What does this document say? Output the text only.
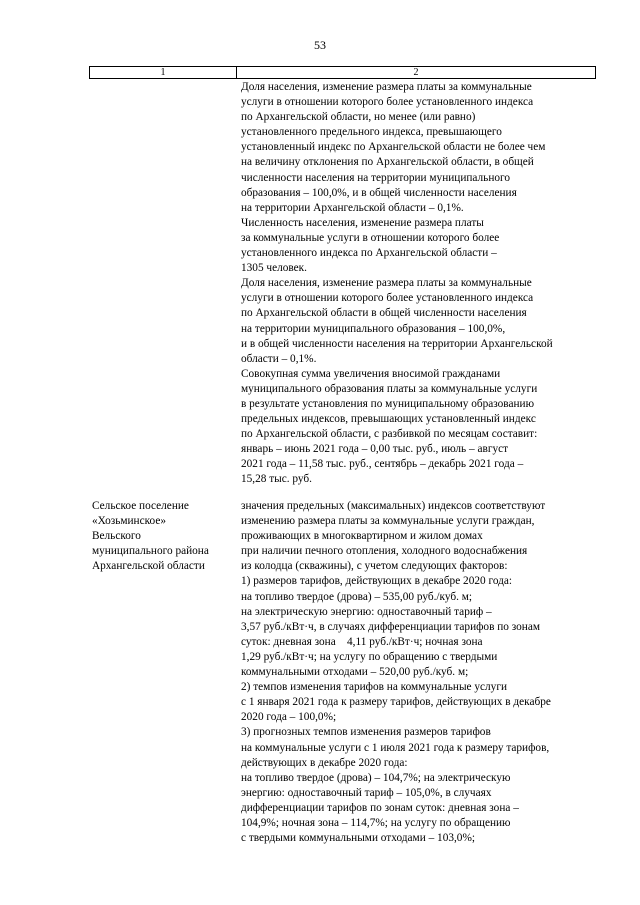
53
1	2
Доля населения, изменение размера платы за коммунальные
услуги в отношении которого более установленного индекса
по Архангельской области, но менее (или равно)
установленного предельного индекса, превышающего
установленный индекс по Архангельской области не более чем
на величину отклонения по Архангельской области, в общей
численности населения на территории муниципального
образования – 100,0%, и в общей численности населения
на территории Архангельской области – 0,1%.
Численность населения, изменение размера платы
за коммунальные услуги в отношении которого более
установленного индекса по Архангельской области –
1305 человек.
Доля населения, изменение размера платы за коммунальные
услуги в отношении которого более установленного индекса
по Архангельской области в общей численности населения
на территории муниципального образования – 100,0%,
и в общей численности населения на территории Архангельской
области – 0,1%.
Совокупная сумма увеличения вносимой гражданами
муниципального образования платы за коммунальные услуги
в результате установления по муниципальному образованию
предельных индексов, превышающих установленный индекс
по Архангельской области, с разбивкой по месяцам составит:
январь – июнь 2021 года – 0,00 тыс. руб., июль – август
2021 года – 11,58 тыс. руб., сентябрь – декабрь 2021 года –
15,28 тыс. руб.
Сельское поселение
«Хозьминское»
Вельского
муниципального района
Архангельской области
значения предельных (максимальных) индексов соответствуют
изменению размера платы за коммунальные услуги граждан,
проживающих в многоквартирном и жилом домах
при наличии печного отопления, холодного водоснабжения
из колодца (скважины), с учетом следующих факторов:
1) размеров тарифов, действующих в декабре 2020 года:
на топливо твердое (дрова) – 535,00 руб./куб. м;
на электрическую энергию: одноставочный тариф –
3,57 руб./кВт·ч, в случаях дифференциации тарифов по зонам
суток: дневная зона    4,11 руб./кВт·ч; ночная зона
1,29 руб./кВт·ч; на услугу по обращению с твердыми
коммунальными отходами – 520,00 руб./куб. м;
2) темпов изменения тарифов на коммунальные услуги
с 1 января 2021 года к размеру тарифов, действующих в декабре
2020 года – 100,0%;
3) прогнозных темпов изменения размеров тарифов
на коммунальные услуги с 1 июля 2021 года к размеру тарифов,
действующих в декабре 2020 года:
на топливо твердое (дрова) – 104,7%; на электрическую
энергию: одноставочный тариф – 105,0%, в случаях
дифференциации тарифов по зонам суток: дневная зона –
104,9%; ночная зона – 114,7%; на услугу по обращению
с твердыми коммунальными отходами – 103,0%;
